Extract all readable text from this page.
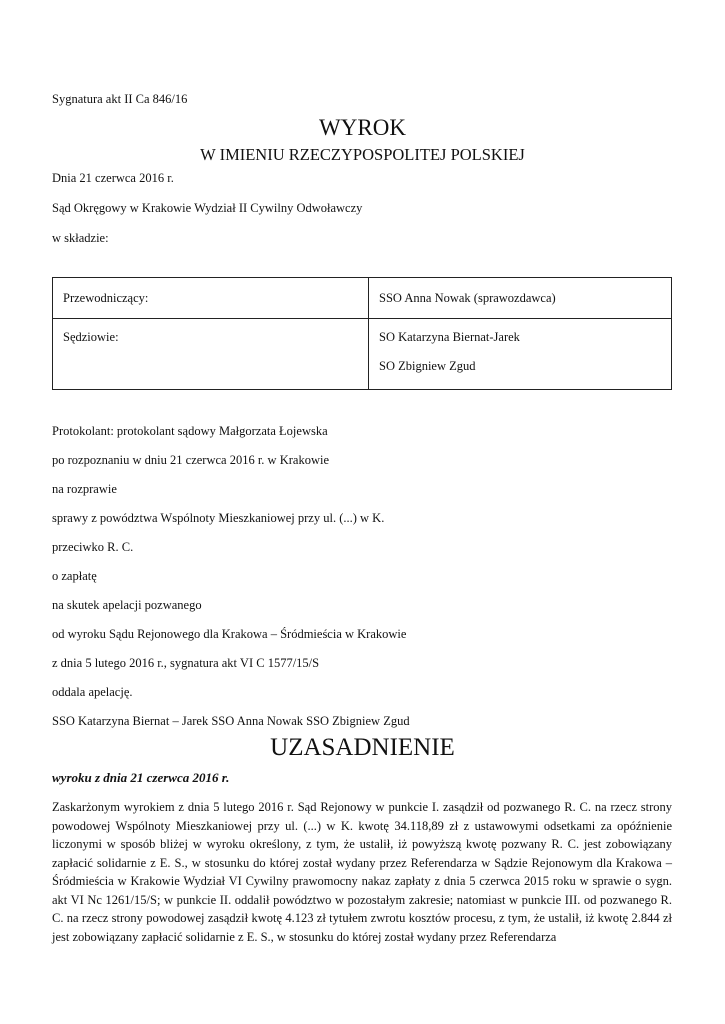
Sygnatura akt II Ca 846/16
WYROK
W IMIENIU RZECZYPOSPOLITEJ POLSKIEJ
Dnia 21 czerwca 2016 r.
Sąd Okręgowy w Krakowie Wydział II Cywilny Odwoławczy
w składzie:
Przewodniczący:	SSO Anna Nowak (sprawozdawca)

Sędziowie:	SO Katarzyna Biernat-Jarek
SO Zbigniew Zgud
Protokolant: protokolant sądowy Małgorzata Łojewska
po rozpoznaniu w dniu 21 czerwca 2016 r. w Krakowie
na rozprawie
sprawy z powództwa Wspólnoty Mieszkaniowej przy ul. (...) w K.
przeciwko R. C.
o zapłatę
na skutek apelacji pozwanego
od wyroku Sądu Rejonowego dla Krakowa – Śródmieścia w Krakowie
z dnia 5 lutego 2016 r., sygnatura akt VI C 1577/15/S
oddala apelację.
SSO Katarzyna Biernat – Jarek SSO Anna Nowak SSO Zbigniew Zgud
UZASADNIENIE
wyroku z dnia 21 czerwca 2016 r.
Zaskarżonym wyrokiem z dnia 5 lutego 2016 r. Sąd Rejonowy w punkcie I. zasądził od pozwanego R. C. na rzecz strony powodowej Wspólnoty Mieszkaniowej przy ul. (...) w K. kwotę 34.118,89 zł z ustawowymi odsetkami za opóźnienie liczonymi w sposób bliżej w wyroku określony, z tym, że ustalił, iż powyższą kwotę pozwany R. C. jest zobowiązany zapłacić solidarnie z E. S., w stosunku do której został wydany przez Referendarza w Sądzie Rejonowym dla Krakowa – Śródmieścia w Krakowie Wydział VI Cywilny prawomocny nakaz zapłaty z dnia 5 czerwca 2015 roku w sprawie o sygn. akt VI Nc 1261/15/S; w punkcie II. oddalił powództwo w pozostałym zakresie; natomiast w punkcie III. od pozwanego R. C. na rzecz strony powodowej zasądził kwotę 4.123 zł tytułem zwrotu kosztów procesu, z tym, że ustalił, iż kwotę 2.844 zł jest zobowiązany zapłacić solidarnie z E. S., w stosunku do której został wydany przez Referendarza
